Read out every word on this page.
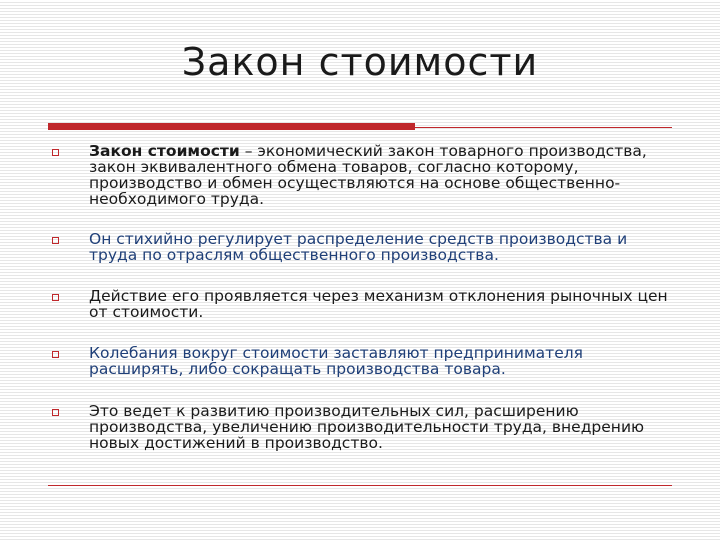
Закон стоимости
Закон стоимости – экономический закон товарного производства, закон эквивалентного обмена товаров, согласно которому, производство и обмен осуществляются на основе общественно-необходимого труда.
Он стихийно регулирует распределение средств производства и труда по отраслям общественного производства.
Действие его проявляется через механизм отклонения рыночных цен от стоимости.
Колебания вокруг стоимости заставляют предпринимателя расширять, либо сокращать производства товара.
Это ведет к развитию производительных сил, расширению производства, увеличению производительности труда, внедрению новых достижений в производство.
